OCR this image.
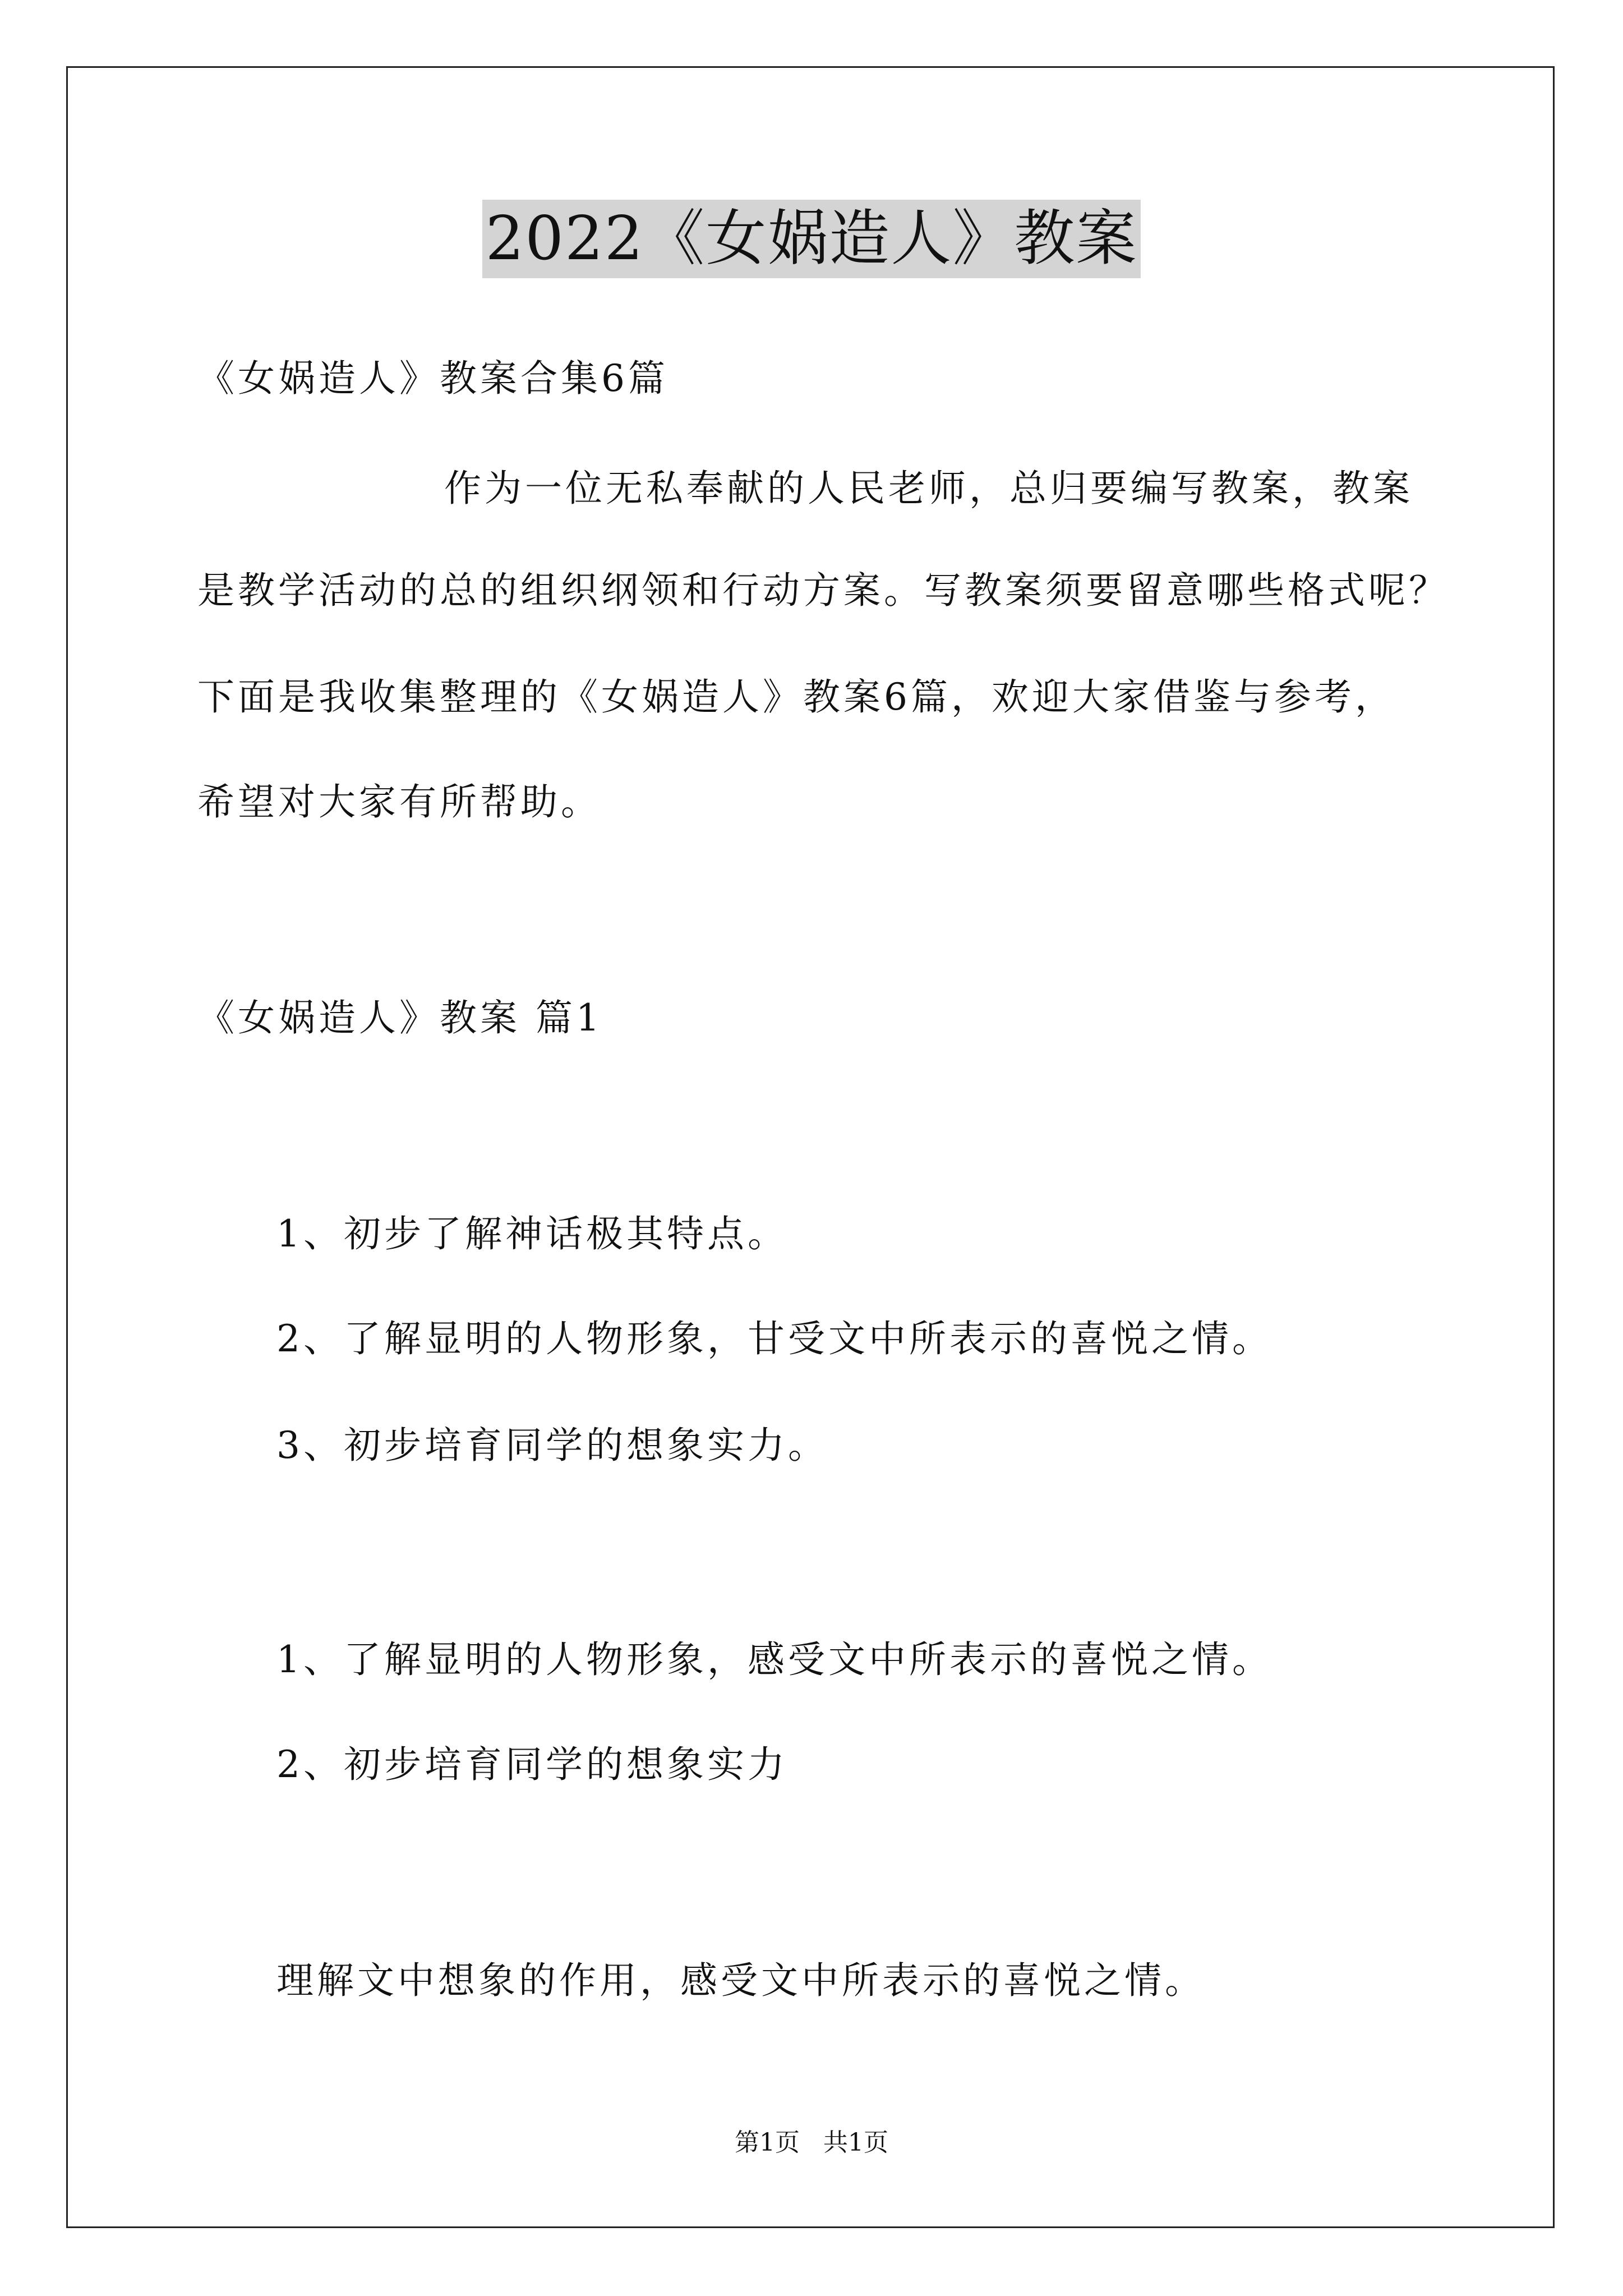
2022《女娲造人》教案
《女娲造人》教案合集6篇
作为一位无私奉献的人民老师，总归要编写教案，教案
是教学活动的总的组织纲领和行动方案。写教案须要留意哪些格式呢？
下面是我收集整理的《女娲造人》教案6篇，欢迎大家借鉴与参考，
希望对大家有所帮助。
《女娲造人》教案 篇1
1、初步了解神话极其特点。
2、了解显明的人物形象，甘受文中所表示的喜悦之情。
3、初步培育同学的想象实力。
1、了解显明的人物形象，感受文中所表示的喜悦之情。
2、初步培育同学的想象实力
理解文中想象的作用，感受文中所表示的喜悦之情。
第1页   共1页
